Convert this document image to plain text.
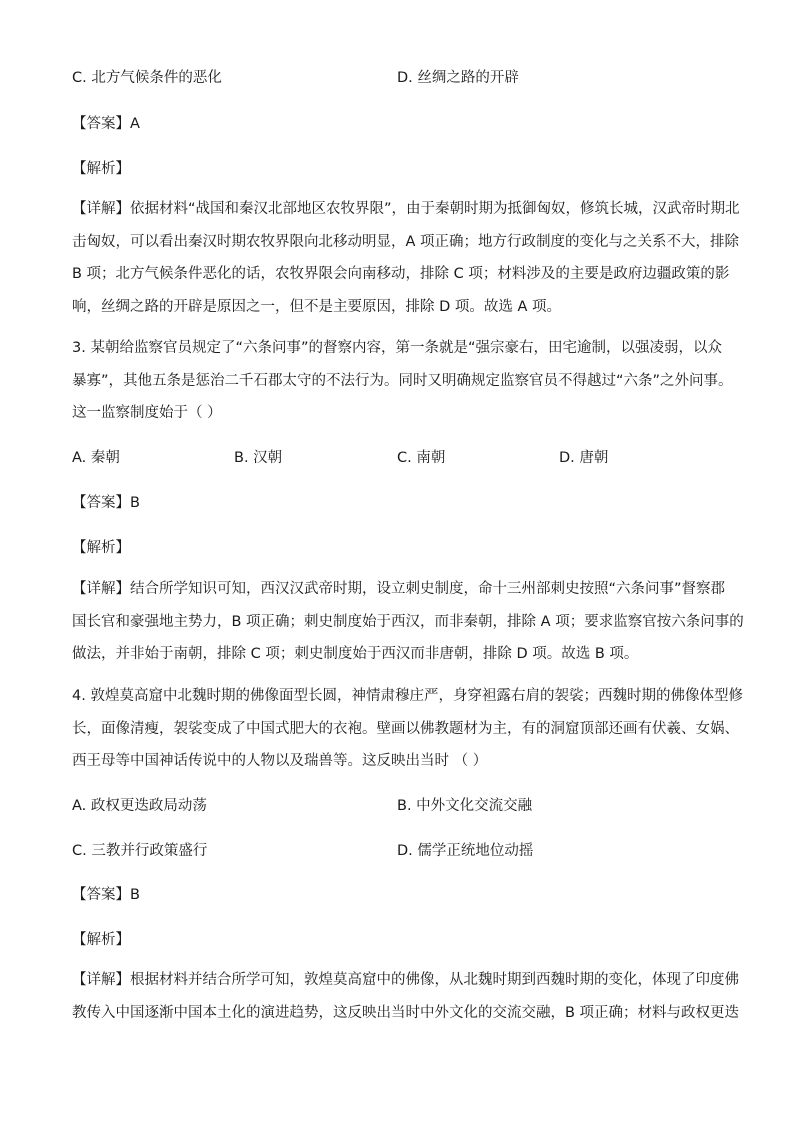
C. 北方气候条件的恶化	D. 丝绸之路的开辟
【答案】A
【解析】
【详解】依据材料“战国和秦汉北部地区农牧界限”，由于秦朝时期为抵御匈奴，修筑长城，汉武帝时期北
击匈奴，可以看出秦汉时期农牧界限向北移动明显，A 项正确；地方行政制度的变化与之关系不大，排除
B 项；北方气候条件恶化的话，农牧界限会向南移动，排除 C 项；材料涉及的主要是政府边疆政策的影
响，丝绸之路的开辟是原因之一，但不是主要原因，排除 D 项。故选 A 项。
3. 某朝给监察官员规定了“六条问事”的督察内容，第一条就是“强宗豪右，田宅逾制，以强凌弱，以众
暴寡”，其他五条是惩治二千石郡太守的不法行为。同时又明确规定监察官员不得越过“六条”之外问事。
这一监察制度始于（ ）
A. 秦朝	B. 汉朝	C. 南朝	D. 唐朝
【答案】B
【解析】
【详解】结合所学知识可知，西汉汉武帝时期，设立刺史制度，命十三州部刺史按照“六条问事”督察郡
国长官和豪强地主势力，B 项正确；刺史制度始于西汉，而非秦朝，排除 A 项；要求监察官按六条问事的
做法，并非始于南朝，排除 C 项；刺史制度始于西汉而非唐朝，排除 D 项。故选 B 项。
4. 敦煌莫高窟中北魏时期的佛像面型长圆，神情肃穆庄严，身穿袒露右肩的袈裟；西魏时期的佛像体型修
长，面像清瘦，袈裟变成了中国式肥大的衣袍。壁画以佛教题材为主，有的洞窟顶部还画有伏羲、女娲、
西王母等中国神话传说中的人物以及瑞兽等。这反映出当时 （ ）
A. 政权更迭政局动荡	B. 中外文化交流交融
C. 三教并行政策盛行	D. 儒学正统地位动摇
【答案】B
【解析】
【详解】根据材料并结合所学可知，敦煌莫高窟中的佛像，从北魏时期到西魏时期的变化，体现了印度佛
教传入中国逐渐中国本土化的演进趋势，这反映出当时中外文化的交流交融，B 项正确；材料与政权更迭
